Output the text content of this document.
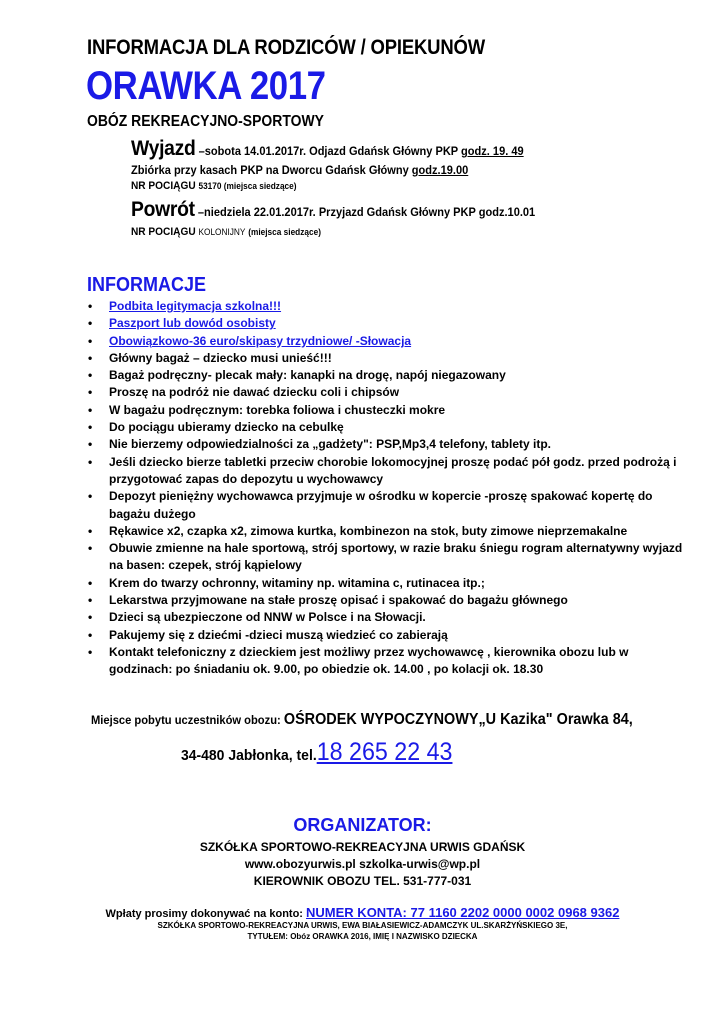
INFORMACJA DLA RODZICÓW / OPIEKUNÓW
ORAWKA 2017
OBÓZ REKREACYJNO-SPORTOWY
Wyjazd –sobota 14.01.2017r. Odjazd Gdańsk Główny PKP godz. 19. 49
Zbiórka przy kasach PKP na Dworcu Gdańsk Główny godz.19.00
NR POCIĄGU 53170 (miejsca siedzące)
Powrót –niedziela 22.01.2017r. Przyjazd Gdańsk Główny PKP godz.10.01
NR POCIĄGU KOLONIJNY (miejsca siedzące)
INFORMACJE
• Podbita legitymacja szkolna!!!
• Paszport lub dowód osobisty
• Obowiązkowo-36 euro/skipasy trzydniowe/ -Słowacja
• Główny bagaż – dziecko musi unieść!!!
• Bagaż podręczny- plecak mały: kanapki na drogę, napój niegazowany
• Proszę na podróż nie dawać dziecku coli i chipsów
• W bagażu podręcznym: torebka foliowa i chusteczki mokre
• Do pociągu ubieramy dziecko na cebulkę
• Nie bierzemy odpowiedzialności za „gadżety": PSP,Mp3,4 telefony, tablety itp.
• Jeśli dziecko bierze tabletki przeciw chorobie lokomocyjnej proszę podać pół godz. przed podrożą i przygotować zapas do depozytu u wychowawcy
• Depozyt pieniężny wychowawca przyjmuje w ośrodku w kopercie -proszę spakować kopertę do bagażu dużego
• Rękawice x2, czapka x2, zimowa kurtka, kombinezon na stok, buty zimowe nieprzemakalne
• Obuwie zmienne na hale sportową, strój sportowy, w razie braku śniegu rogram alternatywny wyjazd na basen: czepek, strój kąpielowy
• Krem do twarzy ochronny, witaminy np. witamina c, rutinacea itp.;
• Lekarstwa przyjmowane na stałe proszę opisać i spakować do bagażu głównego
• Dzieci są ubezpieczone od NNW w Polsce i na Słowacji.
• Pakujemy się z dziećmi -dzieci muszą wiedzieć co zabierają
• Kontakt telefoniczny z dzieckiem jest możliwy przez wychowawcę , kierownika obozu lub w godzinach: po śniadaniu ok. 9.00, po obiedzie ok. 14.00 , po kolacji ok. 18.30
Miejsce pobytu uczestników obozu: OŚRODEK WYPOCZYNOWY„U Kazika" Orawka 84,
34-480 Jabłonka, tel.18 265 22 43
ORGANIZATOR:
SZKÓŁKA SPORTOWO-REKREACYJNA URWIS GDAŃSK
www.obozyurwis.pl szkolka-urwis@wp.pl
KIEROWNIK OBOZU TEL. 531-777-031
Wpłaty prosimy dokonywać na konto: NUMER KONTA: 77 1160 2202 0000 0002 0968 9362
SZKÓŁKA SPORTOWO-REKREACYJNA URWIS, EWA BIAŁASIEWICZ-ADAMCZYK UL.SKARŻYŃSKIEGO 3E,
TYTUŁEM: Obóz ORAWKA 2016, IMIĘ I NAZWISKO DZIECKA
